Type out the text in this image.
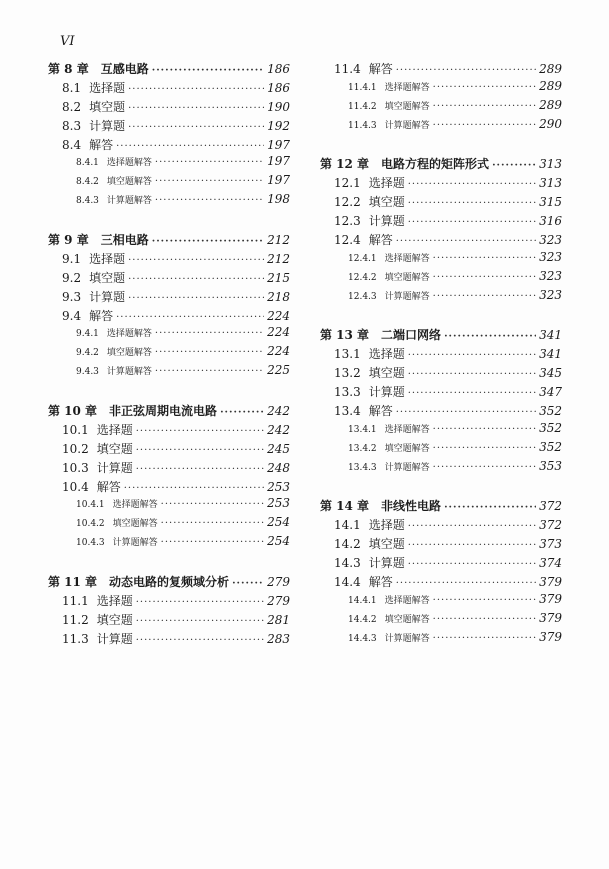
VI
第 8 章　互感电路 ·····	186
8.1 选择题 ·····	186
8.2 填空题 ·····	190
8.3 计算题 ·····	192
8.4 解答 ·····	197
8.4.1 选择题解答 ·····	197
8.4.2 填空题解答 ·····	197
8.4.3 计算题解答 ·····	198
第 9 章　三相电路 ·····	212
9.1 选择题 ·····	212
9.2 填空题 ·····	215
9.3 计算题 ·····	218
9.4 解答 ·····	224
9.4.1 选择题解答 ·····	224
9.4.2 填空题解答 ·····	224
9.4.3 计算题解答 ·····	225
第 10 章　非正弦周期电流电路 ·····	242
10.1 选择题 ·····	242
10.2 填空题 ·····	245
10.3 计算题 ·····	248
10.4 解答 ·····	253
10.4.1 选择题解答 ·····	253
10.4.2 填空题解答 ·····	254
10.4.3 计算题解答 ·····	254
第 11 章　动态电路的复频域分析 ·····	279
11.1 选择题 ·····	279
11.2 填空题 ·····	281
11.3 计算题 ·····	283
11.4 解答 ·····	289
11.4.1 选择题解答 ·····	289
11.4.2 填空题解答 ·····	289
11.4.3 计算题解答 ·····	290
第 12 章　电路方程的矩阵形式 ·····	313
12.1 选择题 ·····	313
12.2 填空题 ·····	315
12.3 计算题 ·····	316
12.4 解答 ·····	323
12.4.1 选择题解答 ·····	323
12.4.2 填空题解答 ·····	323
12.4.3 计算题解答 ·····	323
第 13 章　二端口网络 ·····	341
13.1 选择题 ·····	341
13.2 填空题 ·····	345
13.3 计算题 ·····	347
13.4 解答 ·····	352
13.4.1 选择题解答 ·····	352
13.4.2 填空题解答 ·····	352
13.4.3 计算题解答 ·····	353
第 14 章　非线性电路 ·····	372
14.1 选择题 ·····	372
14.2 填空题 ·····	373
14.3 计算题 ·····	374
14.4 解答 ·····	379
14.4.1 选择题解答 ·····	379
14.4.2 填空题解答 ·····	379
14.4.3 计算题解答 ·····	379
